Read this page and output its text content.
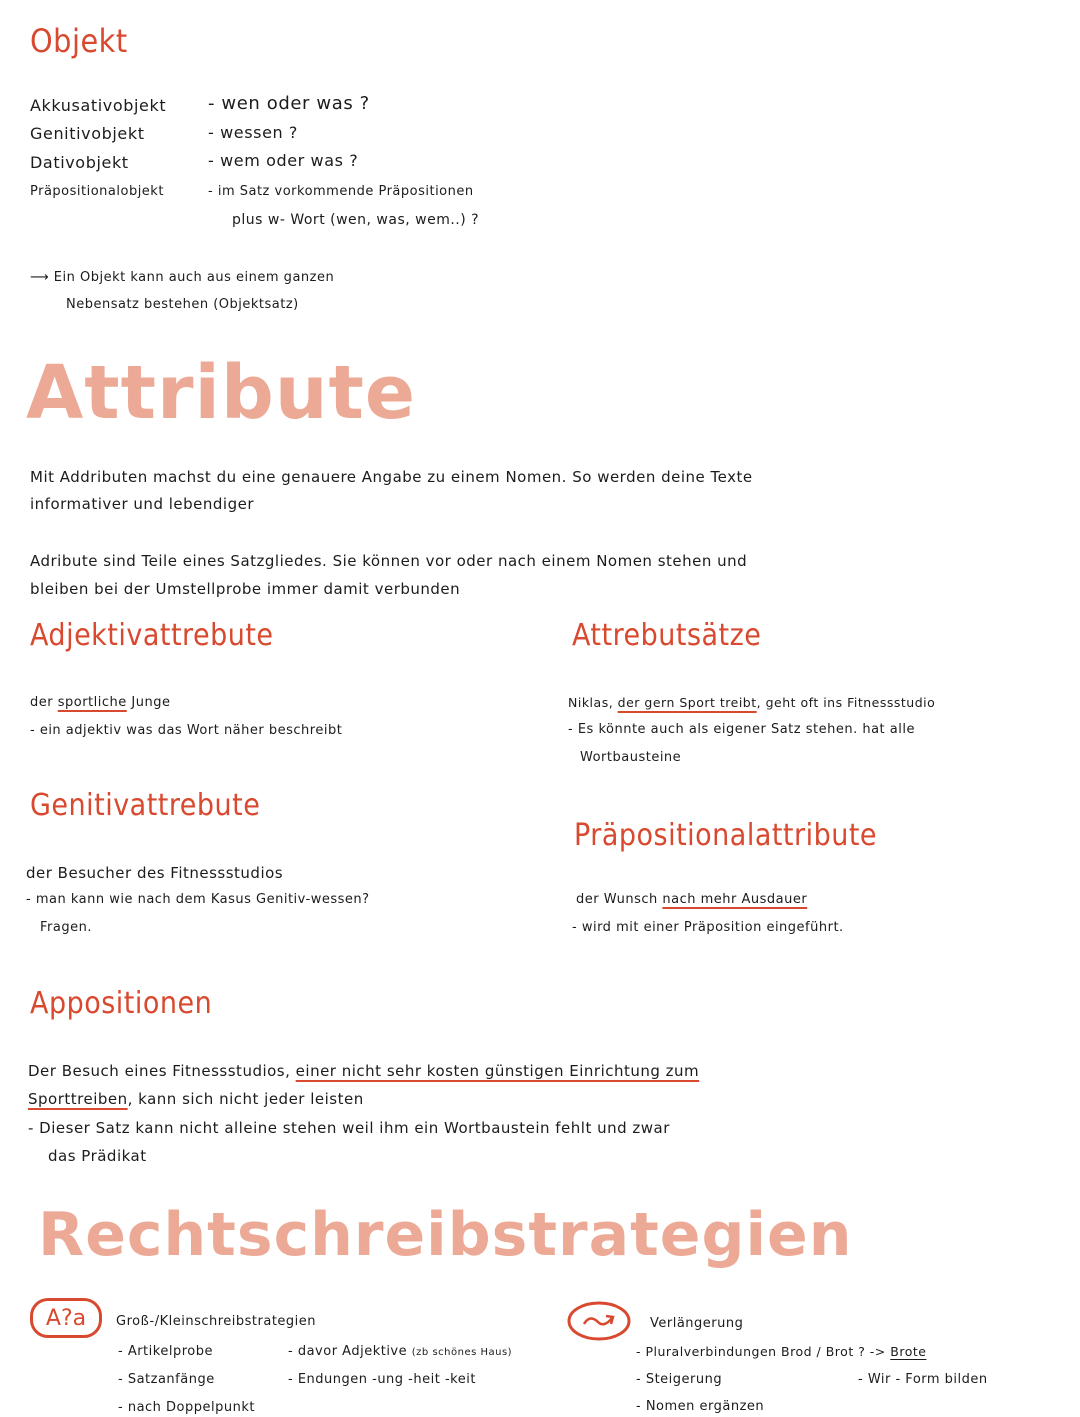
Objekt
Akkusativobjekt - wen oder was ?
Genitivobjekt	- wessen ?
Dativobjekt	- wem oder was ?
Präpositionalobjekt	- im Satz vorkommende Präpositionen
plus w- Wort (wen, was, wem..) ?
⟶ Ein Objekt kann auch aus einem ganzen
Nebensatz bestehen (Objektsatz)
Attribute
Mit Addributen machst du eine genauere Angabe zu einem Nomen. So werden deine Texte
informativer und lebendiger
Adribute sind Teile eines Satzgliedes. Sie können vor oder nach einem Nomen stehen und
bleiben bei der Umstellprobe immer damit verbunden
Adjektivattrebute
der sportliche Junge
- ein adjektiv was das Wort näher beschreibt
Attrebutsätze
Niklas, der gern Sport treibt, geht oft ins Fitnessstudio
- Es könnte auch als eigener Satz stehen. hat alle
Wortbausteine
Genitivattrebute
der Besucher des Fitnessstudios
- man kann wie nach dem Kasus Genitiv-wessen?
Fragen.
Präpositionalattribute
der Wunsch nach mehr Ausdauer
- wird mit einer Präposition eingeführt.
Appositionen
Der Besuch eines Fitnessstudios, einer nicht sehr kosten günstigen Einrichtung zum
Sporttreiben, kann sich nicht jeder leisten
- Dieser Satz kann nicht alleine stehen weil ihm ein Wortbaustein fehlt und zwar
das Prädikat
Rechtschreibstrategien
A?a Groß-/Kleinschreibstrategien
- Artikelprobe
- Satzanfänge
- nach Doppelpunkt
- davor Adjektive (zb schönes Haus)
- Endungen -ung -heit -keit
Verlängerung
- Pluralverbindungen Brod / Brot ? -> Brote
- Steigerung	- Wir - Form bilden
- Nomen ergänzen
